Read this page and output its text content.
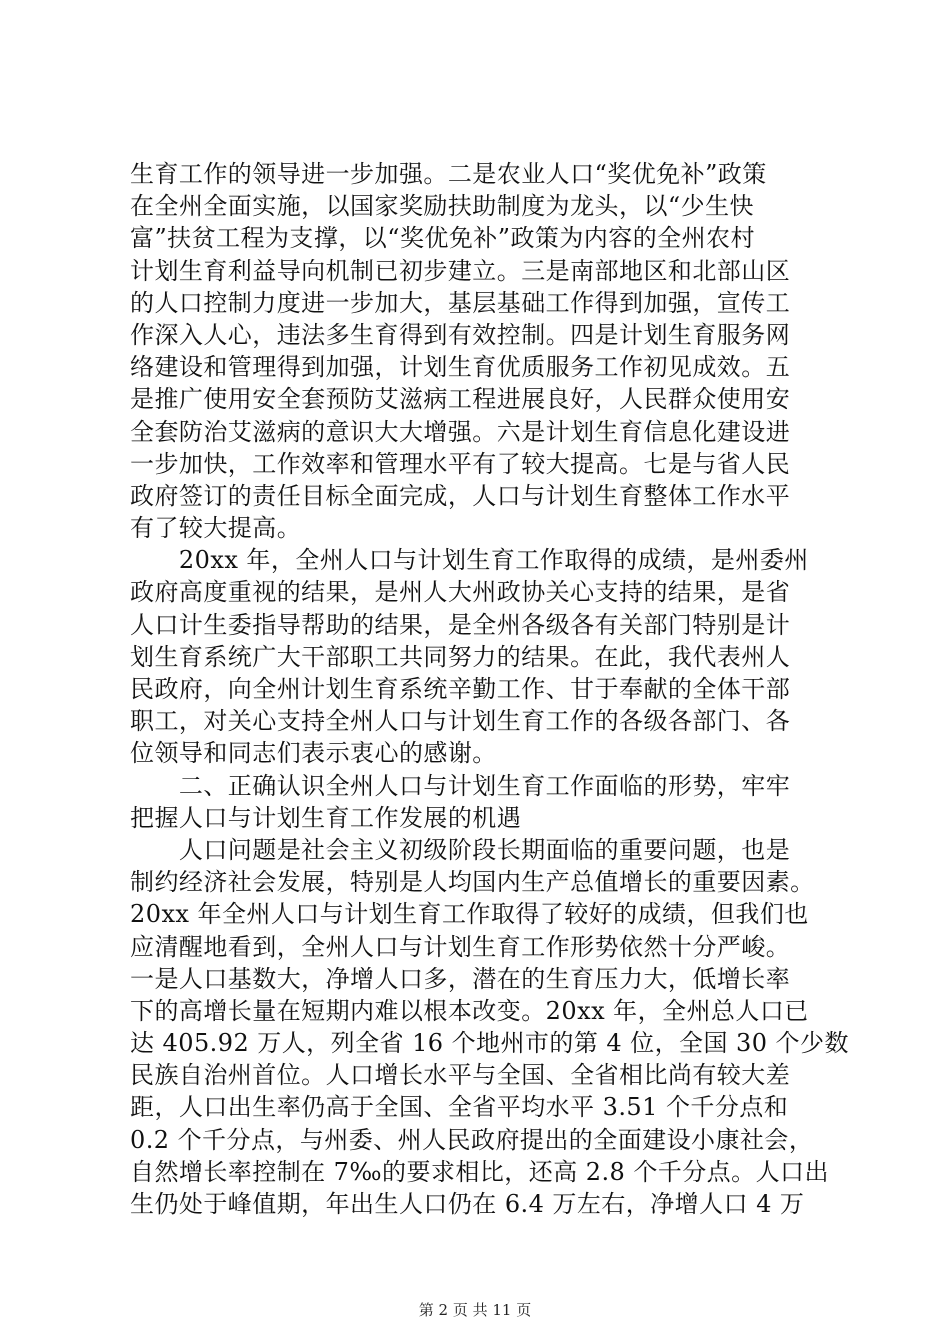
生育工作的领导进一步加强。二是农业人口“奖优免补”政策
在全州全面实施，以国家奖励扶助制度为龙头，以“少生快
富”扶贫工程为支撑，以“奖优免补”政策为内容的全州农村
计划生育利益导向机制已初步建立。三是南部地区和北部山区
的人口控制力度进一步加大，基层基础工作得到加强，宣传工
作深入人心，违法多生育得到有效控制。四是计划生育服务网
络建设和管理得到加强，计划生育优质服务工作初见成效。五
是推广使用安全套预防艾滋病工程进展良好，人民群众使用安
全套防治艾滋病的意识大大增强。六是计划生育信息化建设进
一步加快，工作效率和管理水平有了较大提高。七是与省人民
政府签订的责任目标全面完成，人口与计划生育整体工作水平
有了较大提高。
　　20xx 年，全州人口与计划生育工作取得的成绩，是州委州
政府高度重视的结果，是州人大州政协关心支持的结果，是省
人口计生委指导帮助的结果，是全州各级各有关部门特别是计
划生育系统广大干部职工共同努力的结果。在此，我代表州人
民政府，向全州计划生育系统辛勤工作、甘于奉献的全体干部
职工，对关心支持全州人口与计划生育工作的各级各部门、各
位领导和同志们表示衷心的感谢。
　　二、正确认识全州人口与计划生育工作面临的形势，牢牢
把握人口与计划生育工作发展的机遇
　　人口问题是社会主义初级阶段长期面临的重要问题，也是
制约经济社会发展，特别是人均国内生产总值增长的重要因素。
20xx 年全州人口与计划生育工作取得了较好的成绩，但我们也
应清醒地看到，全州人口与计划生育工作形势依然十分严峻。
一是人口基数大，净增人口多，潜在的生育压力大，低增长率
下的高增长量在短期内难以根本改变。20xx 年，全州总人口已
达 405.92 万人，列全省 16 个地州市的第 4 位，全国 30 个少数
民族自治州首位。人口增长水平与全国、全省相比尚有较大差
距，人口出生率仍高于全国、全省平均水平 3.51 个千分点和
0.2 个千分点，与州委、州人民政府提出的全面建设小康社会，
自然增长率控制在 7‰的要求相比，还高 2.8 个千分点。人口出
生仍处于峰值期，年出生人口仍在 6.4 万左右，净增人口 4 万
第 2 页 共 11 页
